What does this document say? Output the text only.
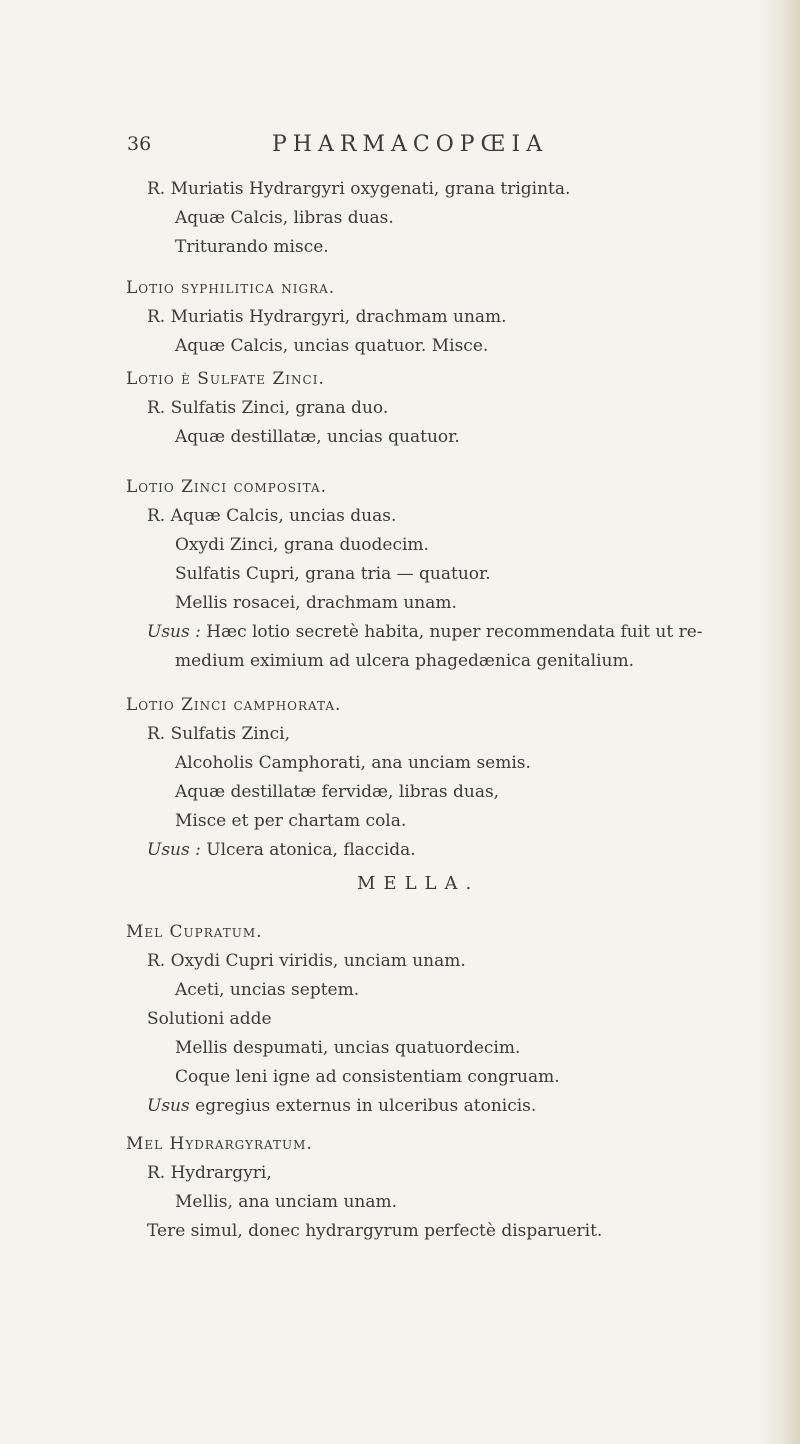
36	PHARMACOPŒIA
R. Muriatis Hydrargyri oxygenati, grana triginta.
Aquæ Calcis, libras duas.
Triturando misce.
Lotio syphilitica nigra.
R. Muriatis Hydrargyri, drachmam unam.
Aquæ Calcis, uncias quatuor. Misce.
Lotio è Sulfate Zinci.
R. Sulfatis Zinci, grana duo.
Aquæ destillatæ, uncias quatuor.
Lotio Zinci composita.
R. Aquæ Calcis, uncias duas.
Oxydi Zinci, grana duodecim.
Sulfatis Cupri, grana tria — quatuor.
Mellis rosacei, drachmam unam.
Usus : Hæc lotio secretè habita, nuper recommendata fuit ut re-
medium eximium ad ulcera phagedænica genitalium.
Lotio Zinci camphorata.
R. Sulfatis Zinci,
Alcoholis Camphorati, ana unciam semis.
Aquæ destillatæ fervidæ, libras duas,
Misce et per chartam cola.
Usus : Ulcera atonica, flaccida.
MELLA.
Mel Cupratum.
R. Oxydi Cupri viridis, unciam unam.
Aceti, uncias septem.
Solutioni adde
Mellis despumati, uncias quatuordecim.
Coque leni igne ad consistentiam congruam.
Usus egregius externus in ulceribus atonicis.
Mel Hydrargyratum.
R. Hydrargyri,
Mellis, ana unciam unam.
Tere simul, donec hydrargyrum perfectè disparuerit.
